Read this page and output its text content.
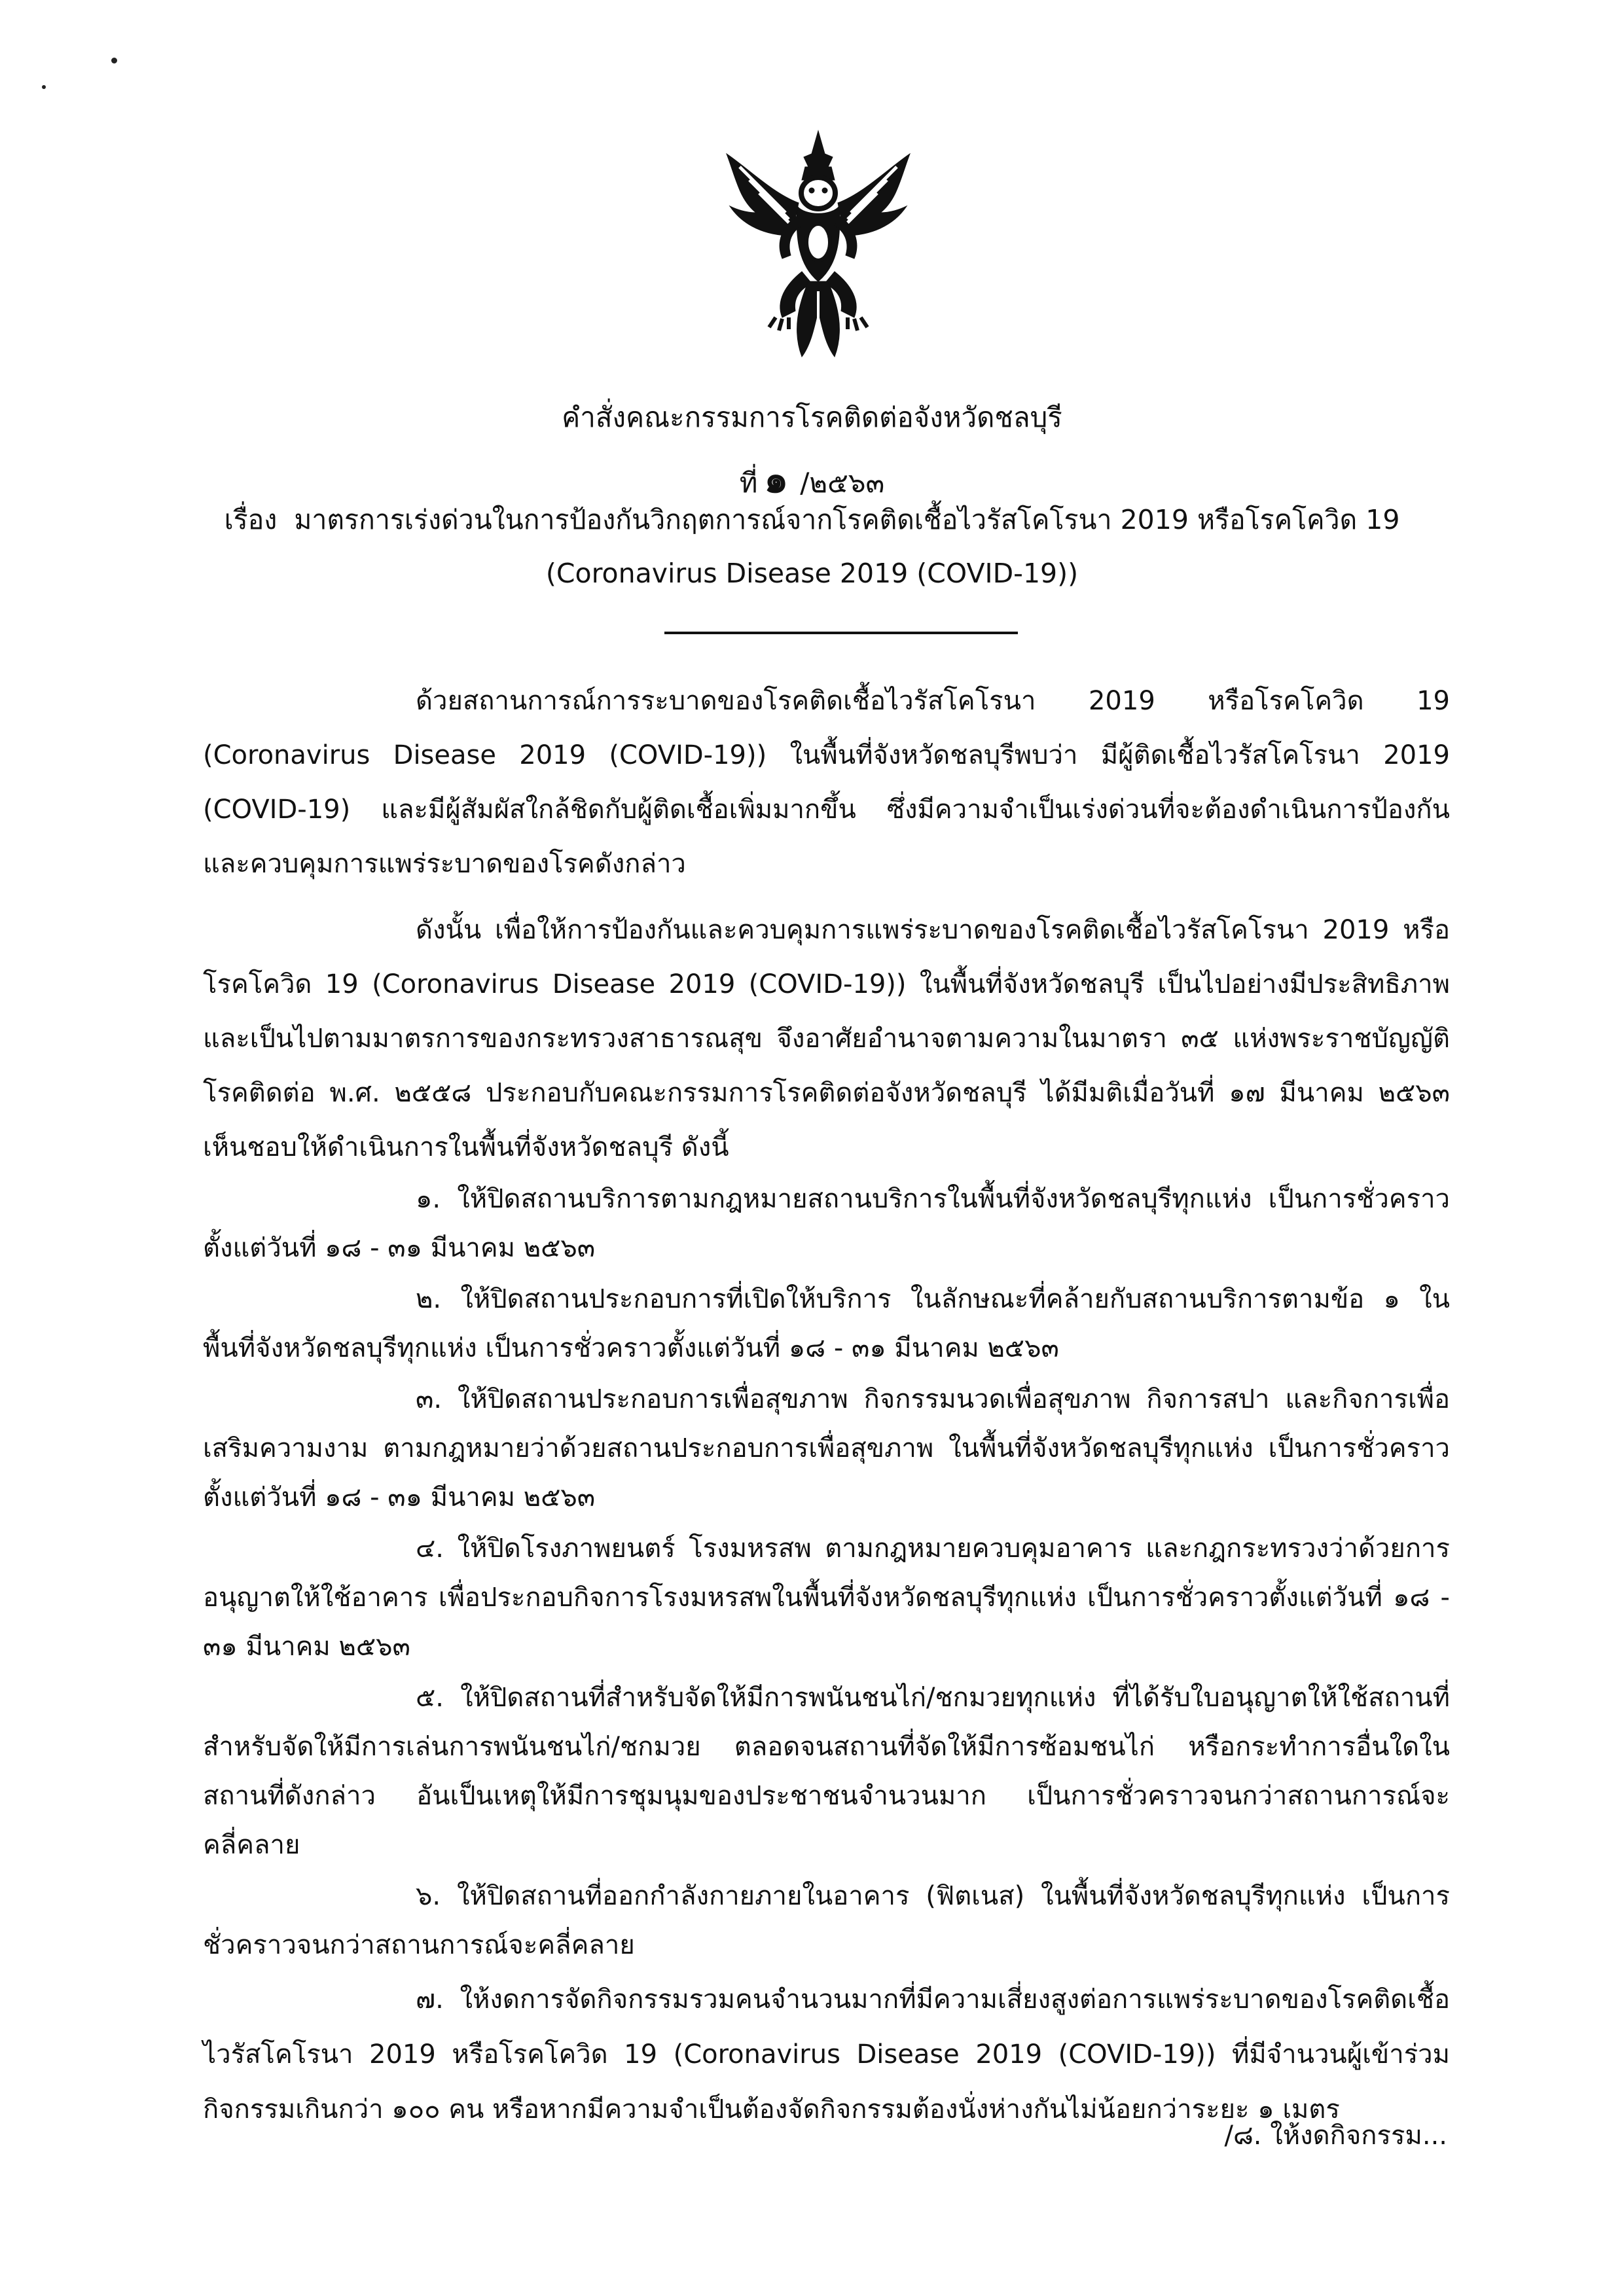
คำสั่งคณะกรรมการโรคติดต่อจังหวัดชลบุรี
ที่ ๑ /๒๕๖๓
เรื่อง มาตรการเร่งด่วนในการป้องกันวิกฤตการณ์จากโรคติดเชื้อไวรัสโคโรนา 2019 หรือโรคโควิด 19
(Coronavirus Disease 2019 (COVID-19))
ด้วยสถานการณ์การระบาดของโรคติดเชื้อไวรัสโคโรนา 2019 หรือโรคโควิด 19 (Coronavirus Disease 2019 (COVID-19)) ในพื้นที่จังหวัดชลบุรีพบว่า มีผู้ติดเชื้อไวรัสโคโรนา 2019 (COVID-19) และมีผู้สัมผัสใกล้ชิดกับผู้ติดเชื้อเพิ่มมากขึ้น ซึ่งมีความจำเป็นเร่งด่วนที่จะต้องดำเนินการป้องกันและควบคุมการแพร่ระบาดของโรคดังกล่าว
ดังนั้น เพื่อให้การป้องกันและควบคุมการแพร่ระบาดของโรคติดเชื้อไวรัสโคโรนา 2019 หรือโรคโควิด 19 (Coronavirus Disease 2019 (COVID-19)) ในพื้นที่จังหวัดชลบุรี เป็นไปอย่างมีประสิทธิภาพและเป็นไปตามมาตรการของกระทรวงสาธารณสุข จึงอาศัยอำนาจตามความในมาตรา ๓๕ แห่งพระราชบัญญัติโรคติดต่อ พ.ศ. ๒๕๕๘ ประกอบกับคณะกรรมการโรคติดต่อจังหวัดชลบุรี ได้มีมติเมื่อวันที่ ๑๗ มีนาคม ๒๕๖๓ เห็นชอบให้ดำเนินการในพื้นที่จังหวัดชลบุรี ดังนี้
๑. ให้ปิดสถานบริการตามกฎหมายสถานบริการในพื้นที่จังหวัดชลบุรีทุกแห่ง เป็นการชั่วคราวตั้งแต่วันที่ ๑๘ - ๓๑ มีนาคม ๒๕๖๓
๒. ให้ปิดสถานประกอบการที่เปิดให้บริการ ในลักษณะที่คล้ายกับสถานบริการตามข้อ ๑ ในพื้นที่จังหวัดชลบุรีทุกแห่ง เป็นการชั่วคราวตั้งแต่วันที่ ๑๘ - ๓๑ มีนาคม ๒๕๖๓
๓. ให้ปิดสถานประกอบการเพื่อสุขภาพ กิจกรรมนวดเพื่อสุขภาพ กิจการสปา และกิจการเพื่อเสริมความงาม ตามกฎหมายว่าด้วยสถานประกอบการเพื่อสุขภาพ ในพื้นที่จังหวัดชลบุรีทุกแห่ง เป็นการชั่วคราวตั้งแต่วันที่ ๑๘ - ๓๑ มีนาคม ๒๕๖๓
๔. ให้ปิดโรงภาพยนตร์ โรงมหรสพ ตามกฎหมายควบคุมอาคาร และกฎกระทรวงว่าด้วยการอนุญาตให้ใช้อาคาร เพื่อประกอบกิจการโรงมหรสพในพื้นที่จังหวัดชลบุรีทุกแห่ง เป็นการชั่วคราวตั้งแต่วันที่ ๑๘ - ๓๑ มีนาคม ๒๕๖๓
๕. ให้ปิดสถานที่สำหรับจัดให้มีการพนันชนไก่/ชกมวยทุกแห่ง ที่ได้รับใบอนุญาตให้ใช้สถานที่สำหรับจัดให้มีการเล่นการพนันชนไก่/ชกมวย ตลอดจนสถานที่จัดให้มีการซ้อมชนไก่ หรือกระทำการอื่นใดในสถานที่ดังกล่าว อันเป็นเหตุให้มีการชุมนุมของประชาชนจำนวนมาก เป็นการชั่วคราวจนกว่าสถานการณ์จะคลี่คลาย
๖. ให้ปิดสถานที่ออกกำลังกายภายในอาคาร (ฟิตเนส) ในพื้นที่จังหวัดชลบุรีทุกแห่ง เป็นการชั่วคราวจนกว่าสถานการณ์จะคลี่คลาย
๗. ให้งดการจัดกิจกรรมรวมคนจำนวนมากที่มีความเสี่ยงสูงต่อการแพร่ระบาดของโรคติดเชื้อไวรัสโคโรนา 2019 หรือโรคโควิด 19 (Coronavirus Disease 2019 (COVID-19)) ที่มีจำนวนผู้เข้าร่วมกิจกรรมเกินกว่า ๑๐๐ คน หรือหากมีความจำเป็นต้องจัดกิจกรรมต้องนั่งห่างกันไม่น้อยกว่าระยะ ๑ เมตร
/๘. ให้งดกิจกรรม...
